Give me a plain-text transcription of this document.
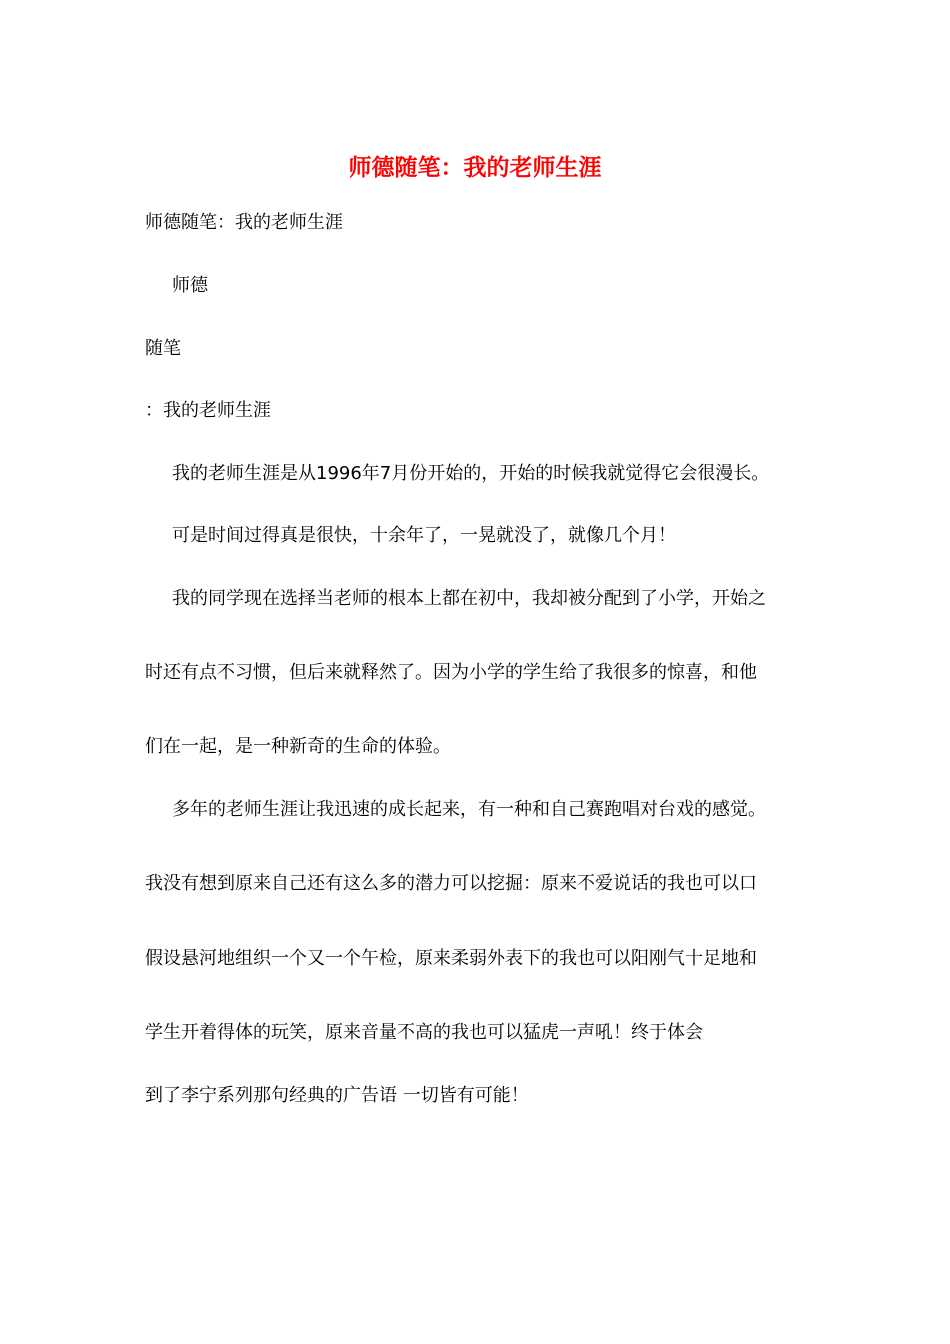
师德随笔：我的老师生涯

师德随笔：我的老师生涯

师德

随笔

：我的老师生涯

我的老师生涯是从1996年7月份开始的，开始的时候我就觉得它会很漫长。

可是时间过得真是很快，十余年了，一晃就没了，就像几个月！

我的同学现在选择当老师的根本上都在初中，我却被分配到了小学，开始之

时还有点不习惯，但后来就释然了。因为小学的学生给了我很多的惊喜，和他

们在一起，是一种新奇的生命的体验。

多年的老师生涯让我迅速的成长起来，有一种和自己赛跑唱对台戏的感觉。

我没有想到原来自己还有这么多的潜力可以挖掘：原来不爱说话的我也可以口

假设悬河地组织一个又一个午检，原来柔弱外表下的我也可以阳刚气十足地和

学生开着得体的玩笑，原来音量不高的我也可以猛虎一声吼！终于体会

到了李宁系列那句经典的广告语 一切皆有可能！
